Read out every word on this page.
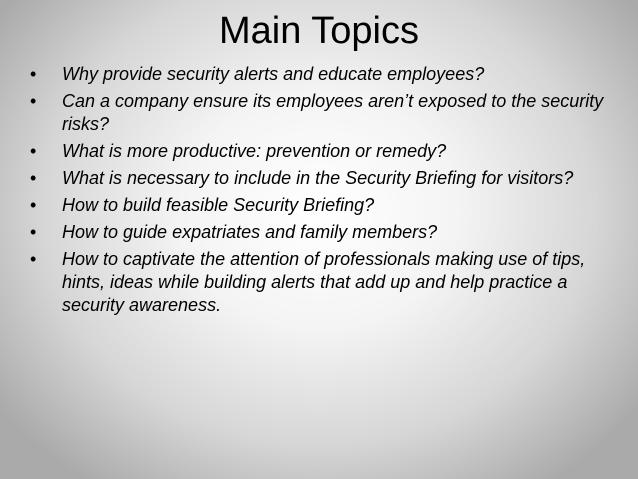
Main Topics
• Why provide security alerts and educate employees?
• Can a company ensure its employees aren’t exposed to the security risks?
• What is more productive: prevention or remedy?
• What is necessary to include in the Security Briefing for visitors?
• How to build feasible Security Briefing?
• How to guide expatriates and family members?
• How to captivate the attention of professionals making use of tips, hints, ideas while building alerts that add up and help practice a security awareness.
